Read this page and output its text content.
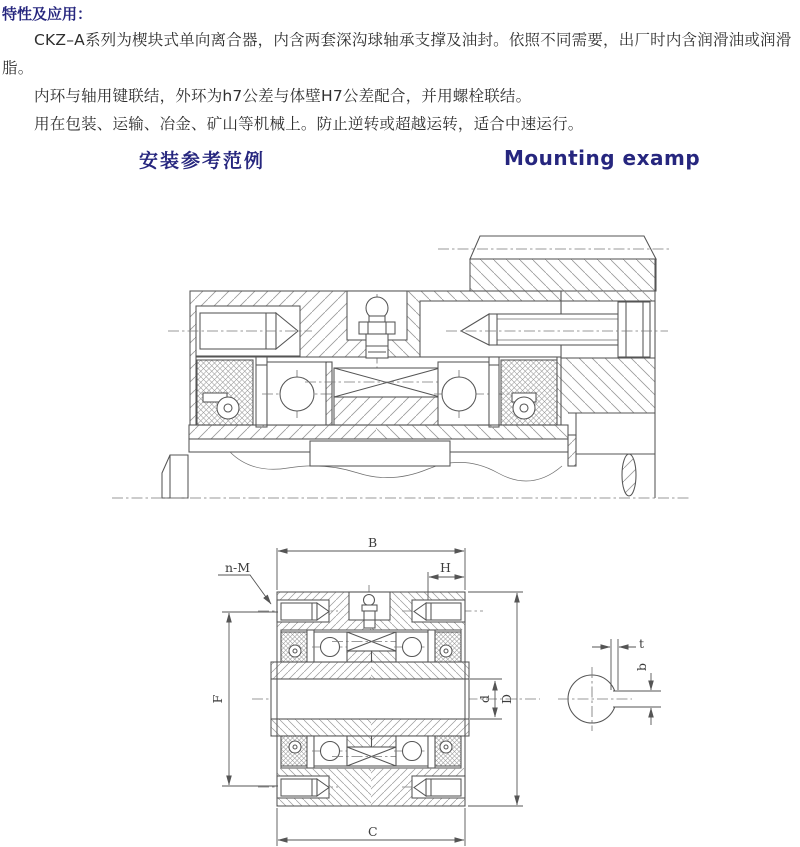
特性及应用：

CKZ–A系列为楔块式单向离合器，内含两套深沟球轴承支撑及油封。依照不同需要，出厂时内含润滑油或润滑脂。

内环与轴用键联结，外环为h7公差与体壁H7公差配合，并用螺栓联结。

用在包装、运输、冶金、矿山等机械上。防止逆转或超越运转，适合中速运行。

安装参考范例	Mounting examp
B
H
n-M
F	d D
C
t
b
